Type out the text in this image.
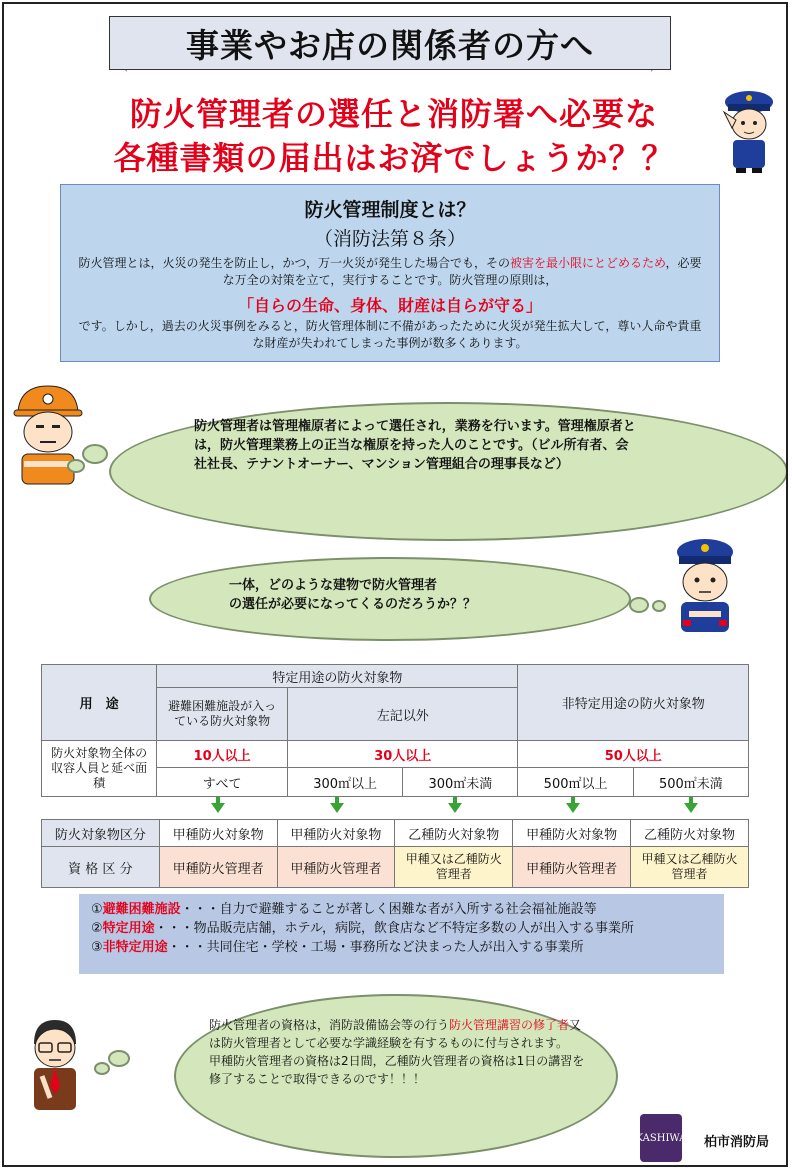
事業やお店の関係者の方へ
防火管理者の選任と消防署へ必要な
各種書類の届出はお済でしょうか？？
防火管理制度とは？
（消防法第８条）

防火管理とは，火災の発生を防止し，かつ，万一火災が発生した場合でも，その被害を最小限にとどめるため，必要な万全の対策を立て，実行することです。防火管理の原則は，

「自らの生命、身体、財産は自らが守る」

です。しかし，過去の火災事例をみると，防火管理体制に不備があったために火災が発生拡大して，尊い人命や貴重な財産が失われてしまった事例が数多くあります。

防火管理者は管理権原者によって選任され，業務を行います。管理権原者とは，防火管理業務上の正当な権原を持った人のことです。（ビル所有者、会社社長、テナントオーナー、マンション管理組合の理事長など）
一体，どのような建物で防火管理者
の選任が必要になってくるのだろうか？？
用　途	特定用途の防火対象物			非特定用途の防火対象物	
	避難困難施設が入っている防火対象物	左記以外			
防火対象物全体の収容人員と延べ面積	10人以上	30人以上		50人以上	
	すべて	300㎡以上	300㎡未満	500㎡以上	500㎡未満
防火対象物区分	甲種防火対象物	甲種防火対象物	乙種防火対象物	甲種防火対象物	乙種防火対象物
資 格 区 分	甲種防火管理者	甲種防火管理者	甲種又は乙種防火管理者	甲種防火管理者	甲種又は乙種防火管理者
①避難困難施設・・・自力で避難することが著しく困難な者が入所する社会福祉施設等
②特定用途・・・物品販売店舗，ホテル，病院，飲食店など不特定多数の人が出入する事業所
③非特定用途・・・共同住宅・学校・工場・事務所など決まった人が出入する事業所
防火管理者の資格は，消防設備協会等の行う防火管理講習の修了者又は防火管理者として必要な学識経験を有するものに付与されます。
甲種防火管理者の資格は2日間，乙種防火管理者の資格は1日の講習を修了することで取得できるのです！！！
KASHIWA 柏市消防局
